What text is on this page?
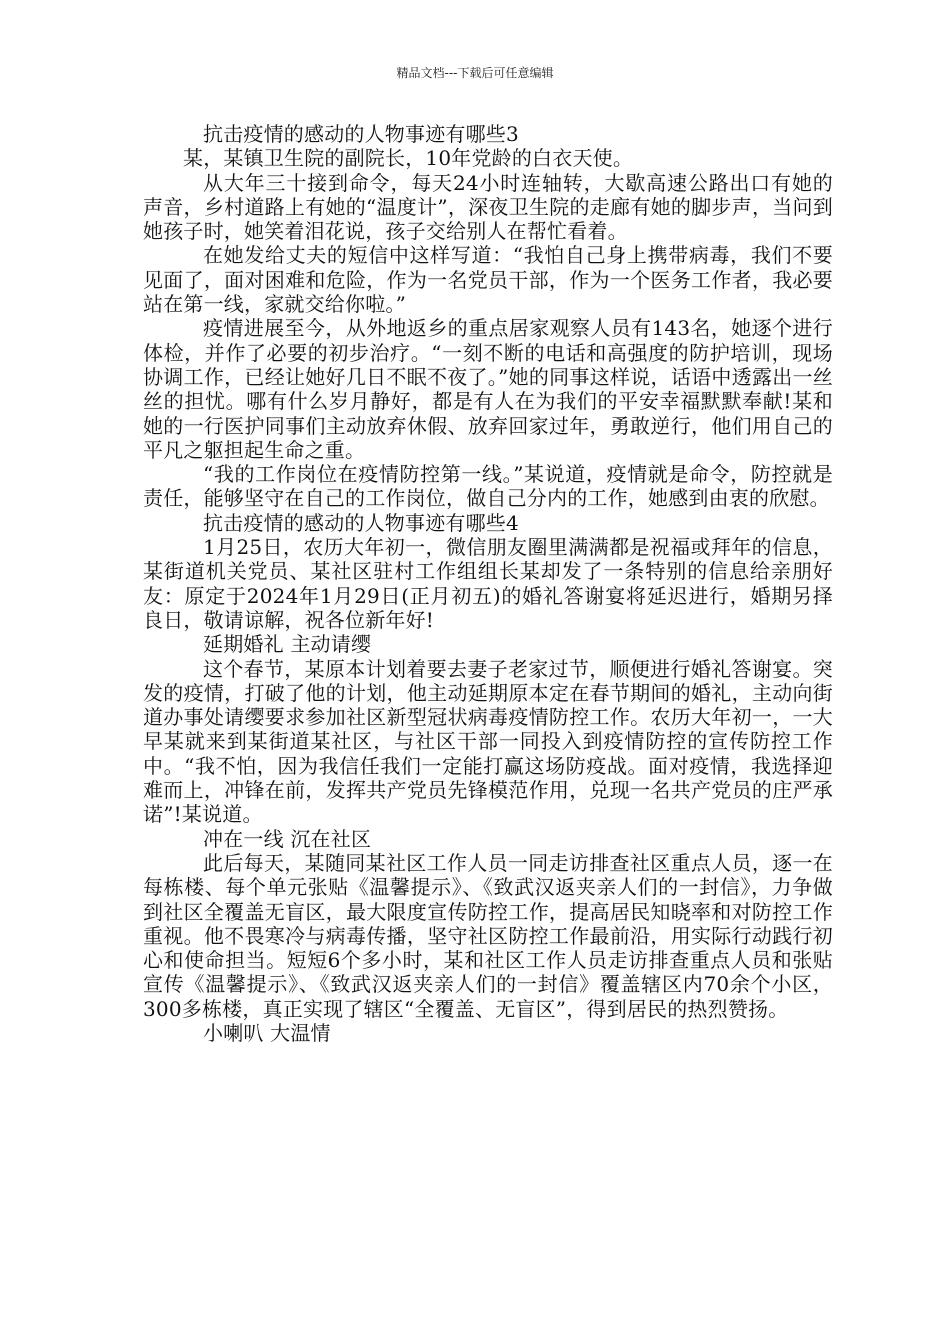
精品文档---下载后可任意编辑

抗击疫情的感动的人物事迹有哪些3

某，某镇卫生院的副院长，10年党龄的白衣天使。

从大年三十接到命令，每天24小时连轴转，大歇高速公路出口有她的声音，乡村道路上有她的“温度计”，深夜卫生院的走廊有她的脚步声，当问到她孩子时，她笑着泪花说，孩子交给别人在帮忙看着。

在她发给丈夫的短信中这样写道：“我怕自己身上携带病毒，我们不要见面了，面对困难和危险，作为一名党员干部，作为一个医务工作者，我必要站在第一线，家就交给你啦。”

疫情进展至今，从外地返乡的重点居家观察人员有143名，她逐个进行体检，并作了必要的初步治疗。“一刻不断的电话和高强度的防护培训，现场协调工作，已经让她好几日不眠不夜了。”她的同事这样说，话语中透露出一丝丝的担忧。哪有什么岁月静好，都是有人在为我们的平安幸福默默奉献!某和她的一行医护同事们主动放弃休假、放弃回家过年，勇敢逆行，他们用自己的平凡之躯担起生命之重。

“我的工作岗位在疫情防控第一线。”某说道，疫情就是命令，防控就是责任，能够坚守在自己的工作岗位，做自己分内的工作，她感到由衷的欣慰。

抗击疫情的感动的人物事迹有哪些4

1月25日，农历大年初一，微信朋友圈里满满都是祝福或拜年的信息，某街道机关党员、某社区驻村工作组组长某却发了一条特别的信息给亲朋好友：原定于2024年1月29日(正月初五)的婚礼答谢宴将延迟进行，婚期另择良日，敬请谅解，祝各位新年好!

延期婚礼 主动请缨

这个春节，某原本计划着要去妻子老家过节，顺便进行婚礼答谢宴。突发的疫情，打破了他的计划，他主动延期原本定在春节期间的婚礼，主动向街道办事处请缨要求参加社区新型冠状病毒疫情防控工作。农历大年初一，一大早某就来到某街道某社区，与社区干部一同投入到疫情防控的宣传防控工作中。“我不怕，因为我信任我们一定能打赢这场防疫战。面对疫情，我选择迎难而上，冲锋在前，发挥共产党员先锋模范作用，兑现一名共产党员的庄严承诺”!某说道。

冲在一线 沉在社区

此后每天，某随同某社区工作人员一同走访排查社区重点人员，逐一在每栋楼、每个单元张贴《温馨提示》、《致武汉返夹亲人们的一封信》，力争做到社区全覆盖无盲区，最大限度宣传防控工作，提高居民知晓率和对防控工作重视。他不畏寒冷与病毒传播，坚守社区防控工作最前沿，用实际行动践行初心和使命担当。短短6个多小时，某和社区工作人员走访排查重点人员和张贴宣传《温馨提示》、《致武汉返夹亲人们的一封信》覆盖辖区内70余个小区，300多栋楼，真正实现了辖区“全覆盖、无盲区”，得到居民的热烈赞扬。

小喇叭 大温情
